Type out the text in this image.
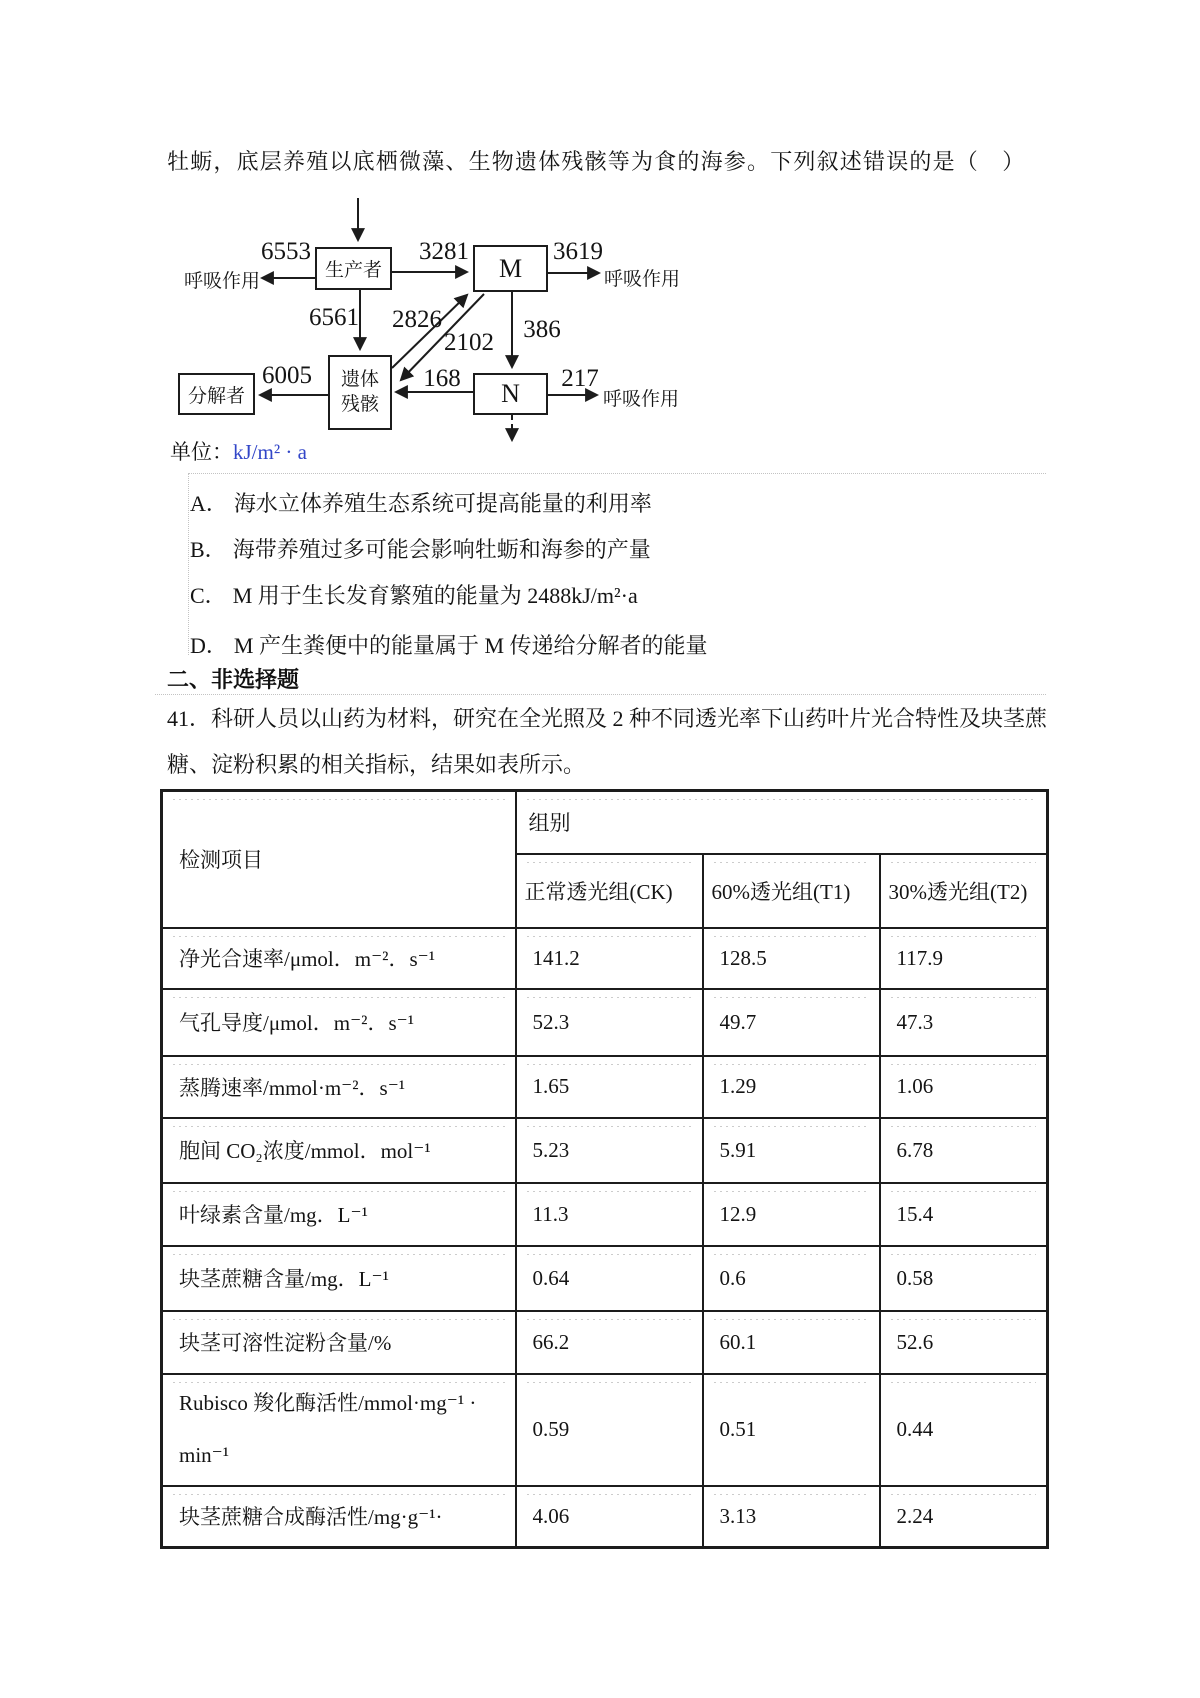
牡蛎，底层养殖以底栖微藻、生物遗体残骸等为食的海参。下列叙述错误的是（　）
生产者	M
遗体
残骸	N
分解者
呼吸作用	呼吸作用
呼吸作用
6553	3281	3619
6561 2826
2102 386
168	217
6005
单位：kJ/m² · a
A． 海水立体养殖生态系统可提高能量的利用率
B． 海带养殖过多可能会影响牡蛎和海参的产量
C． M 用于生长发育繁殖的能量为 2488kJ/m²·a
D． M 产生粪便中的能量属于 M 传递给分解者的能量
二、非选择题
41．科研人员以山药为材料，研究在全光照及 2 种不同透光率下山药叶片光合特性及块茎蔗
糖、淀粉积累的相关指标，结果如表所示。
检测项目	组别		
	正常透光组(CK)	60%透光组(T1)	30%透光组(T2)
净光合速率/μmol．m⁻²．s⁻¹	141.2	128.5	117.9
气孔导度/μmol．m⁻²．s⁻¹	52.3	49.7	47.3
蒸腾速率/mmol·m⁻²．s⁻¹	1.65	1.29	1.06
胞间 CO₂浓度/mmol．mol⁻¹	5.23	5.91	6.78
叶绿素含量/mg．L⁻¹	11.3	12.9	15.4
块茎蔗糖含量/mg．L⁻¹	0.64	0.6	0.58
块茎可溶性淀粉含量/%	66.2	60.1	52.6
Rubisco 羧化酶活性/mmol·mg⁻¹ · min⁻¹	0.59	0.51	0.44
块茎蔗糖合成酶活性/mg·g⁻¹·	4.06	3.13	2.24
